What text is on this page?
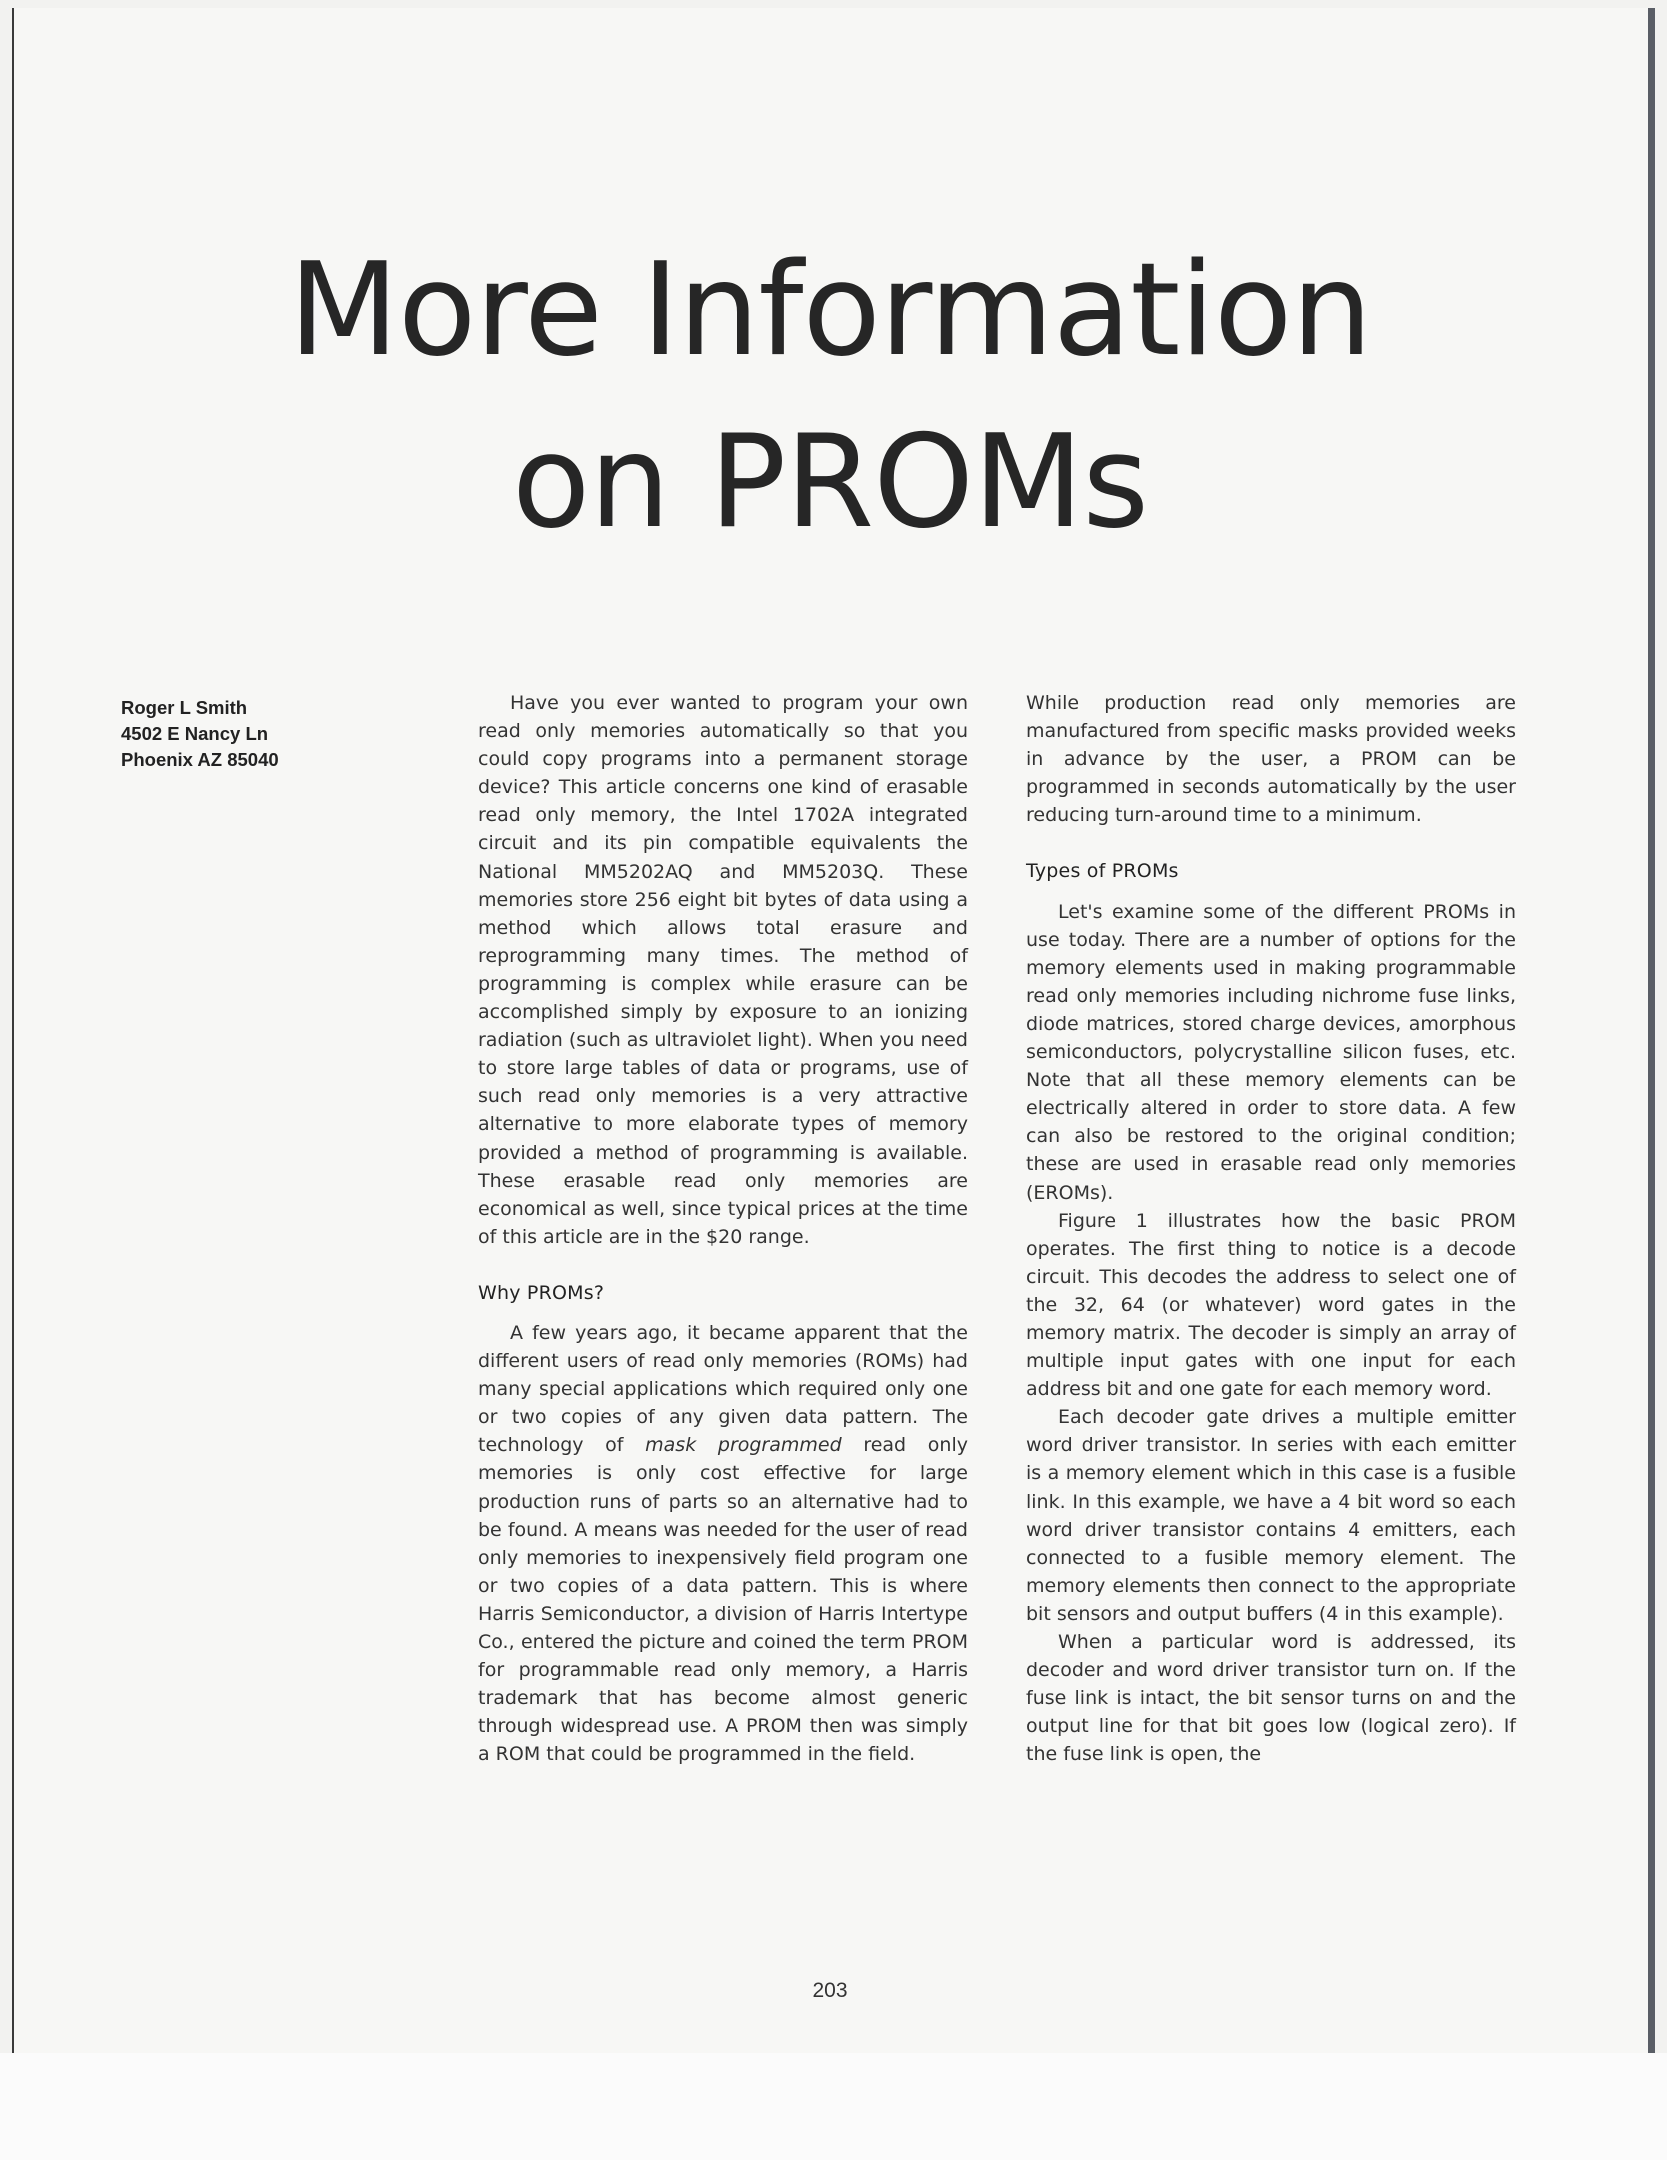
More Information
on PROMs
Roger L Smith
4502 E Nancy Ln
Phoenix AZ 85040

Have you ever wanted to program your own read only memories automatically so that you could copy programs into a permanent storage device? This article concerns one kind of erasable read only memory, the Intel 1702A integrated circuit and its pin compatible equivalents the National MM5202AQ and MM5203Q. These memories store 256 eight bit bytes of data using a method which allows total erasure and reprogramming many times. The method of programming is complex while erasure can be accomplished simply by exposure to an ionizing radiation (such as ultraviolet light). When you need to store large tables of data or programs, use of such read only memories is a very attractive alternative to more elaborate types of memory provided a method of programming is available. These erasable read only memories are economical as well, since typical prices at the time of this article are in the $20 range.

Why PROMs?

A few years ago, it became apparent that the different users of read only memories (ROMs) had many special applications which required only one or two copies of any given data pattern. The technology of mask programmed read only memories is only cost effective for large production runs of parts so an alternative had to be found. A means was needed for the user of read only memories to inexpensively field program one or two copies of a data pattern. This is where Harris Semiconductor, a division of Harris Intertype Co., entered the picture and coined the term PROM for programmable read only memory, a Harris trademark that has become almost generic through widespread use. A PROM then was simply a ROM that could be programmed in the field.

While production read only memories are manufactured from specific masks provided weeks in advance by the user, a PROM can be programmed in seconds automatically by the user reducing turn-around time to a minimum.

Types of PROMs

Let's examine some of the different PROMs in use today. There are a number of options for the memory elements used in making programmable read only memories including nichrome fuse links, diode matrices, stored charge devices, amorphous semiconductors, polycrystalline silicon fuses, etc. Note that all these memory elements can be electrically altered in order to store data. A few can also be restored to the original condition; these are used in erasable read only memories (EROMs).

Figure 1 illustrates how the basic PROM operates. The first thing to notice is a decode circuit. This decodes the address to select one of the 32, 64 (or whatever) word gates in the memory matrix. The decoder is simply an array of multiple input gates with one input for each address bit and one gate for each memory word.

Each decoder gate drives a multiple emitter word driver transistor. In series with each emitter is a memory element which in this case is a fusible link. In this example, we have a 4 bit word so each word driver transistor contains 4 emitters, each connected to a fusible memory element. The memory elements then connect to the appropriate bit sensors and output buffers (4 in this example).

When a particular word is addressed, its decoder and word driver transistor turn on. If the fuse link is intact, the bit sensor turns on and the output line for that bit goes low (logical zero). If the fuse link is open, the

203
